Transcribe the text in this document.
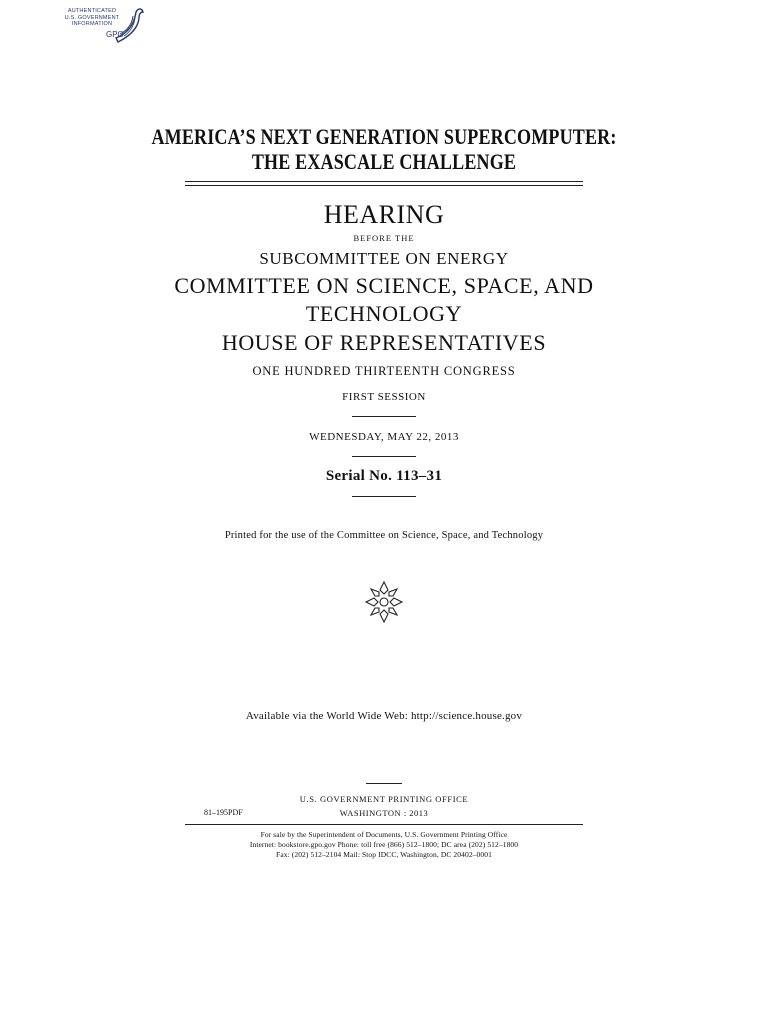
AUTHENTICATED
U.S. GOVERNMENT
INFORMATION
GPO
AMERICA’S NEXT GENERATION SUPERCOMPUTER:
THE EXASCALE CHALLENGE
HEARING
BEFORE THE
SUBCOMMITTEE ON ENERGY
COMMITTEE ON SCIENCE, SPACE, AND
TECHNOLOGY
HOUSE OF REPRESENTATIVES
ONE HUNDRED THIRTEENTH CONGRESS
FIRST SESSION
WEDNESDAY, MAY 22, 2013
Serial No. 113–31
Printed for the use of the Committee on Science, Space, and Technology
Available via the World Wide Web: http://science.house.gov
U.S. GOVERNMENT PRINTING OFFICE
81–195PDF	WASHINGTON : 2013
For sale by the Superintendent of Documents, U.S. Government Printing Office
Internet: bookstore.gpo.gov Phone: toll free (866) 512–1800; DC area (202) 512–1800
Fax: (202) 512–2104 Mail: Stop IDCC, Washington, DC 20402–0001
